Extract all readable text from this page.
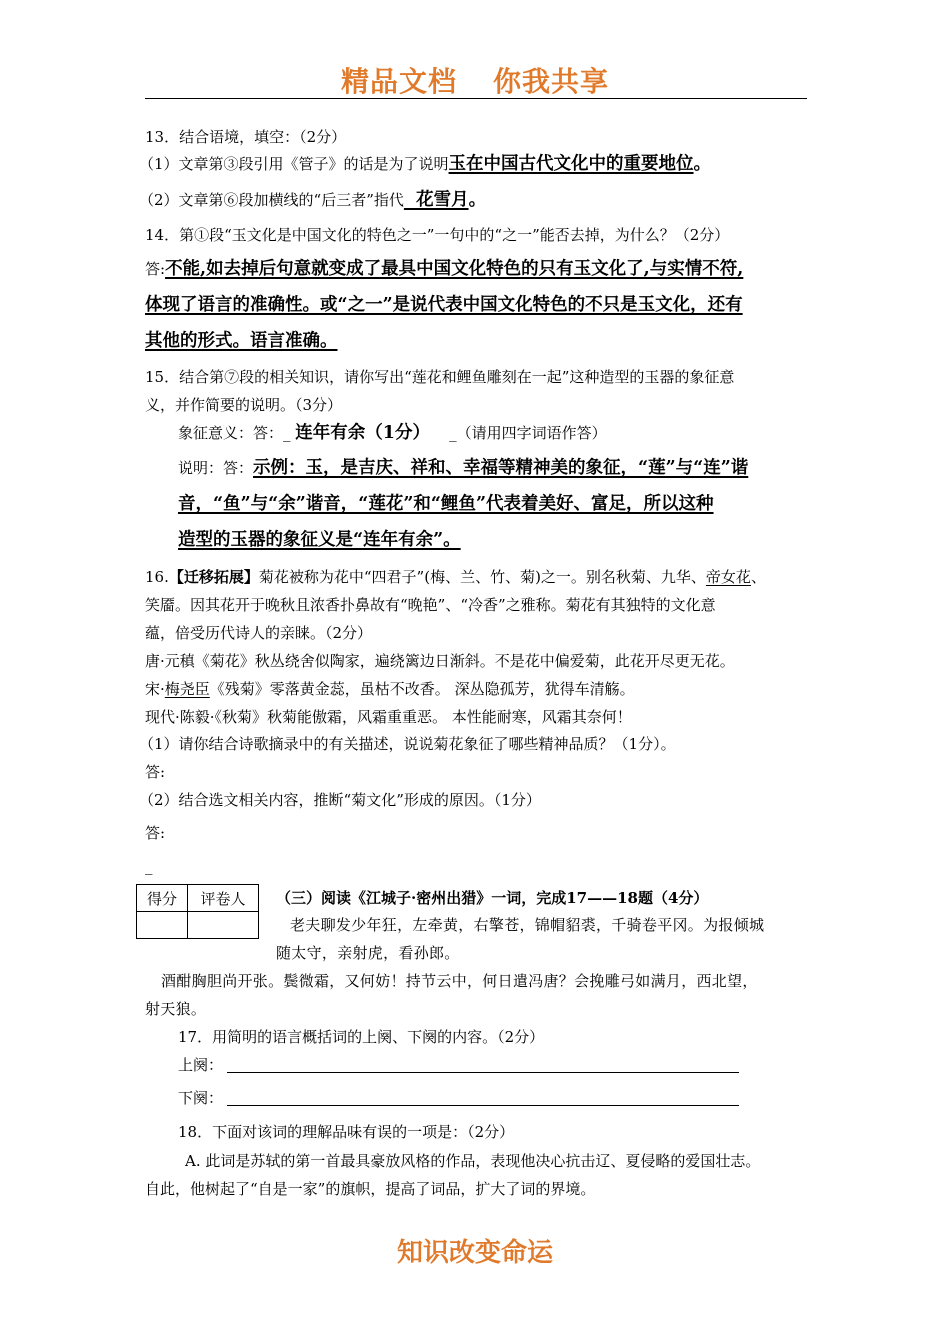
精品文档 你我共享
13．结合语境，填空：（2分）
（1）文章第③段引用《管子》的话是为了说明玉在中国古代文化中的重要地位。
（2）文章第⑥段加横线的“后三者”指代  花雪月。
14．第①段“玉文化是中国文化的特色之一”一句中的“之一”能否去掉，为什么？（2分）
答:不能,如去掉后句意就变成了最具中国文化特色的只有玉文化了,与实情不符,
体现了语言的准确性。或“之一”是说代表中国文化特色的不只是玉文化，还有
其他的形式。语言准确。
15．结合第⑦段的相关知识，请你写出“莲花和鲤鱼雕刻在一起”这种造型的玉器的象征意
义，并作简要的说明。（3分）
象征意义：答：_ 连年有余（1分） _（请用四字词语作答）
说明：答：示例：玉，是吉庆、祥和、幸福等精神美的象征，“莲”与“连”谐
音，“鱼”与“余”谐音，“莲花”和“鲤鱼”代表着美好、富足，所以这种
造型的玉器的象征义是“连年有余”。
16.【迁移拓展】菊花被称为花中“四君子”(梅、兰、竹、菊)之一。别名秋菊、九华、帝女花、
笑靥。因其花开于晚秋且浓香扑鼻故有“晚艳”、“冷香”之雅称。菊花有其独特的文化意
蕴，倍受历代诗人的亲睐。（2分）
唐·元稹《菊花》秋丛绕舍似陶家，遍绕篱边日渐斜。不是花中偏爱菊，此花开尽更无花。
宋·梅尧臣《残菊》零落黄金蕊，虽枯不改香。 深丛隐孤芳，犹得车清觞。
现代·陈毅·《秋菊》秋菊能傲霜，风霜重重恶。 本性能耐寒，风霜其奈何！
（1）请你结合诗歌摘录中的有关描述，说说菊花象征了哪些精神品质？（1分）。
答:
（2）结合选文相关内容，推断“菊文化”形成的原因。（1分）
答:
_
得分	评卷人
	（三）阅读《江城子·密州出猎》一词，完成17——18题（4分）
老夫聊发少年狂，左牵黄，右擎苍，锦帽貂裘，千骑卷平冈。为报倾城
随太守，亲射虎，看孙郎。
酒酣胸胆尚开张。鬓微霜，又何妨！持节云中，何日遣冯唐？会挽雕弓如满月，西北望，
射天狼。
17．用简明的语言概括词的上阕、下阕的内容。（2分）
上阕：
下阕：
18．下面对该词的理解品味有误的一项是：（2分）
A. 此词是苏轼的第一首最具豪放风格的作品，表现他决心抗击辽、夏侵略的爱国壮志。
自此，他树起了“自是一家”的旗帜，提高了词品，扩大了词的界境。
知识改变命运
